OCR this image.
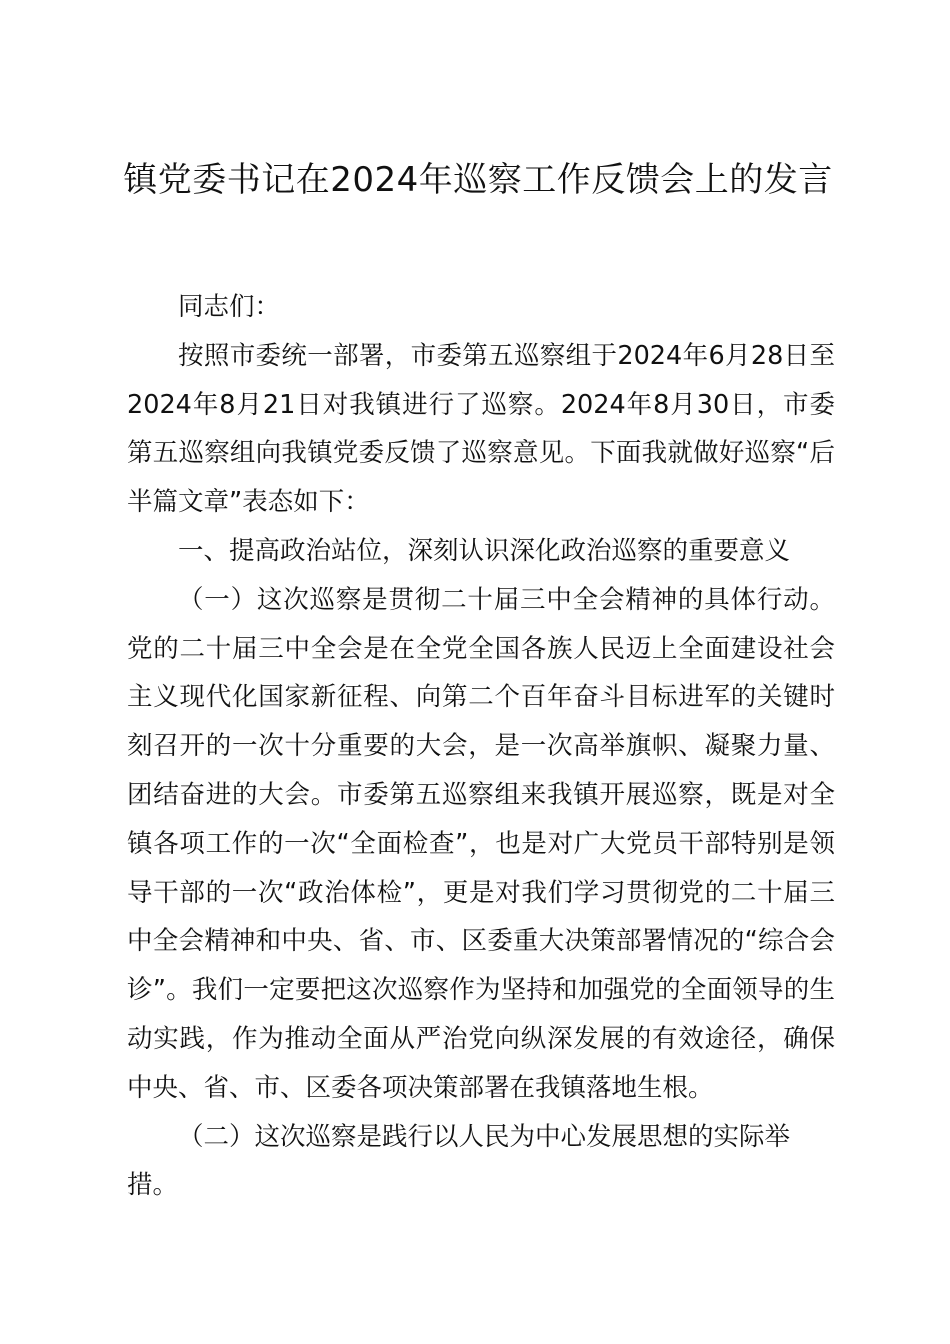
镇党委书记在2024年巡察工作反馈会上的发言

同志们：

按照市委统一部署，市委第五巡察组于2024年6月28日至2024年8月21日对我镇进行了巡察。2024年8月30日，市委第五巡察组向我镇党委反馈了巡察意见。下面我就做好巡察“后半篇文章”表态如下：

一、提高政治站位，深刻认识深化政治巡察的重要意义

（一）这次巡察是贯彻二十届三中全会精神的具体行动。党的二十届三中全会是在全党全国各族人民迈上全面建设社会主义现代化国家新征程、向第二个百年奋斗目标进军的关键时刻召开的一次十分重要的大会，是一次高举旗帜、凝聚力量、团结奋进的大会。市委第五巡察组来我镇开展巡察，既是对全镇各项工作的一次“全面检查”，也是对广大党员干部特别是领导干部的一次“政治体检”，更是对我们学习贯彻党的二十届三中全会精神和中央、省、市、区委重大决策部署情况的“综合会诊”。我们一定要把这次巡察作为坚持和加强党的全面领导的生动实践，作为推动全面从严治党向纵深发展的有效途径，确保中央、省、市、区委各项决策部署在我镇落地生根。

（二）这次巡察是践行以人民为中心发展思想的实际举措。
